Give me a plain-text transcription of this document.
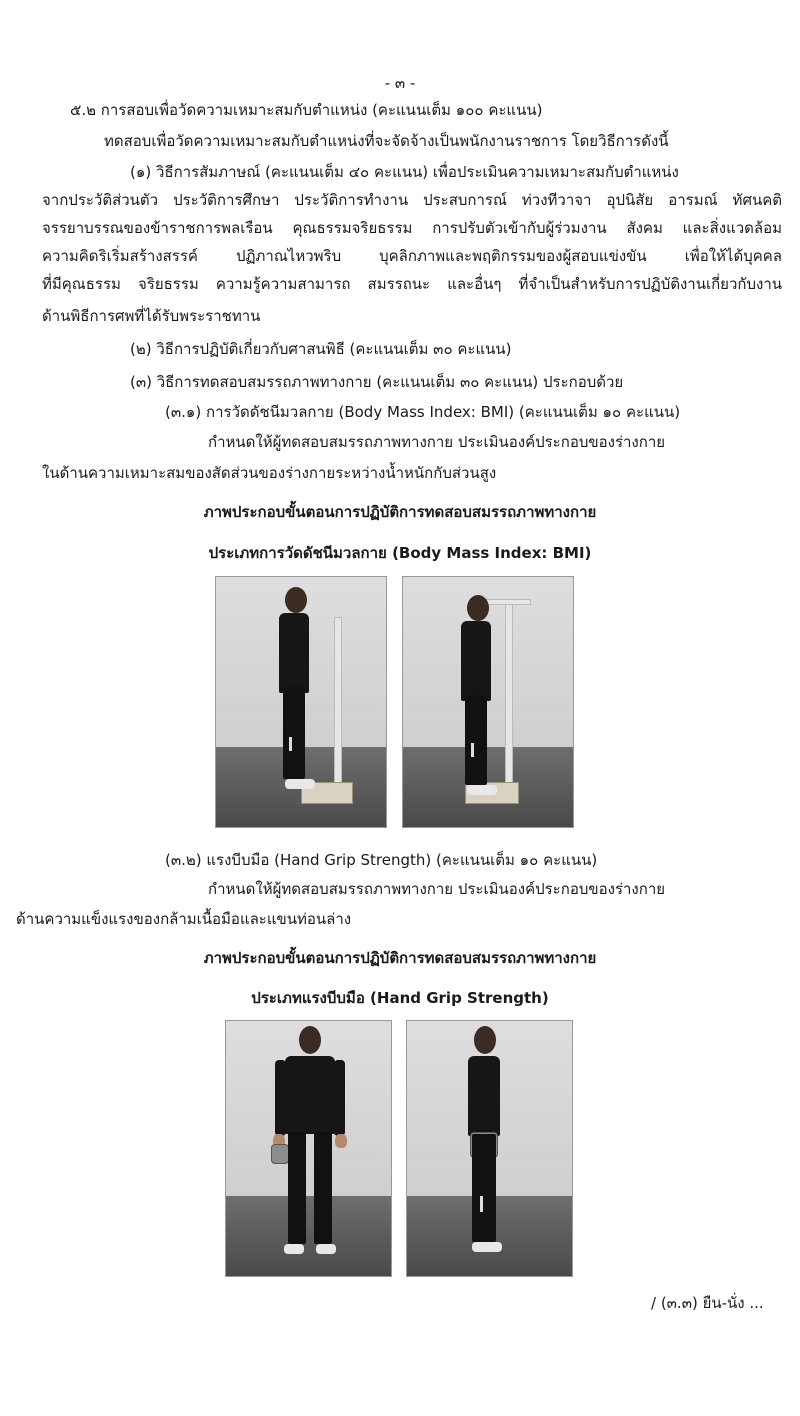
- ๓ -
๕.๒ การสอบเพื่อวัดความเหมาะสมกับตำแหน่ง (คะแนนเต็ม ๑๐๐ คะแนน)
ทดสอบเพื่อวัดความเหมาะสมกับตำแหน่งที่จะจัดจ้างเป็นพนักงานราชการ โดยวิธีการดังนี้
(๑) วิธีการสัมภาษณ์ (คะแนนเต็ม ๔๐ คะแนน) เพื่อประเมินความเหมาะสมกับตำแหน่ง
จากประวัติส่วนตัว ประวัติการศึกษา ประวัติการทำงาน ประสบการณ์ ท่วงทีวาจา อุปนิสัย อารมณ์ ทัศนคติ
จรรยาบรรณของข้าราชการพลเรือน คุณธรรมจริยธรรม การปรับตัวเข้ากับผู้ร่วมงาน สังคม และสิ่งแวดล้อม
ความคิดริเริ่มสร้างสรรค์ ปฏิภาณไหวพริบ บุคลิกภาพและพฤติกรรมของผู้สอบแข่งขัน เพื่อให้ได้บุคคล
ที่มีคุณธรรม จริยธรรม ความรู้ความสามารถ สมรรถนะ และอื่นๆ ที่จำเป็นสำหรับการปฏิบัติงานเกี่ยวกับงาน
ด้านพิธีการศพที่ได้รับพระราชทาน
(๒) วิธีการปฏิบัติเกี่ยวกับศาสนพิธี (คะแนนเต็ม ๓๐ คะแนน)
(๓) วิธีการทดสอบสมรรถภาพทางกาย (คะแนนเต็ม ๓๐ คะแนน) ประกอบด้วย
(๓.๑) การวัดดัชนีมวลกาย (Body Mass Index: BMI) (คะแนนเต็ม ๑๐ คะแนน)
กำหนดให้ผู้ทดสอบสมรรถภาพทางกาย ประเมินองค์ประกอบของร่างกาย
ในด้านความเหมาะสมของสัดส่วนของร่างกายระหว่างน้ำหนักกับส่วนสูง
ภาพประกอบขั้นตอนการปฏิบัติการทดสอบสมรรถภาพทางกาย
ประเภทการวัดดัชนีมวลกาย (Body Mass Index: BMI)
(๓.๒) แรงบีบมือ (Hand Grip Strength) (คะแนนเต็ม ๑๐ คะแนน)
กำหนดให้ผู้ทดสอบสมรรถภาพทางกาย ประเมินองค์ประกอบของร่างกาย
ด้านความแข็งแรงของกล้ามเนื้อมือและแขนท่อนล่าง
ภาพประกอบขั้นตอนการปฏิบัติการทดสอบสมรรถภาพทางกาย
ประเภทแรงบีบมือ (Hand Grip Strength)
/ (๓.๓) ยืน-นั่ง ...
